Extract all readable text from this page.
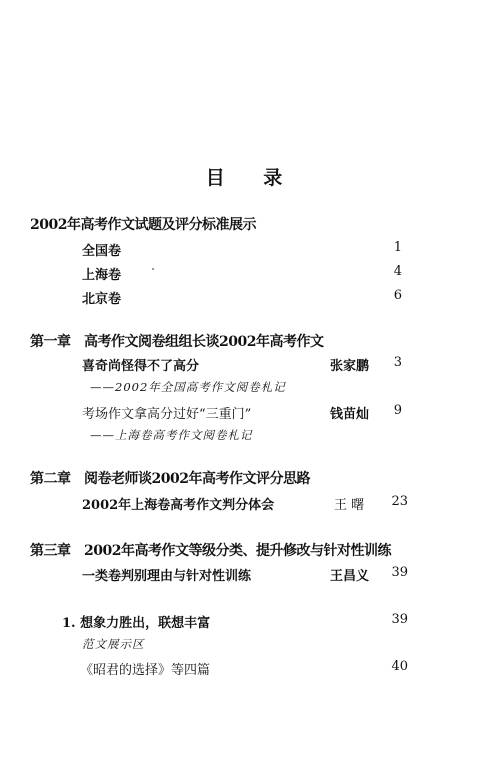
目 录
2002年高考作文试题及评分标准展示
全国卷	1
上海卷	4
北京卷	6
第一章 高考作文阅卷组组长谈2002年高考作文
喜奇尚怪得不了高分	张家鹏	3
——2002年全国高考作文阅卷札记
考场作文拿高分过好“三重门”	钱苗灿	9
——上海卷高考作文阅卷札记
第二章 阅卷老师谈2002年高考作文评分思路
2002年上海卷高考作文判分体会	王 曙	23
第三章 2002年高考作文等级分类、提升修改与针对性训练
一类卷判别理由与针对性训练	王昌义	39
1. 想象力胜出，联想丰富	39
范文展示区
《昭君的选择》等四篇	40
